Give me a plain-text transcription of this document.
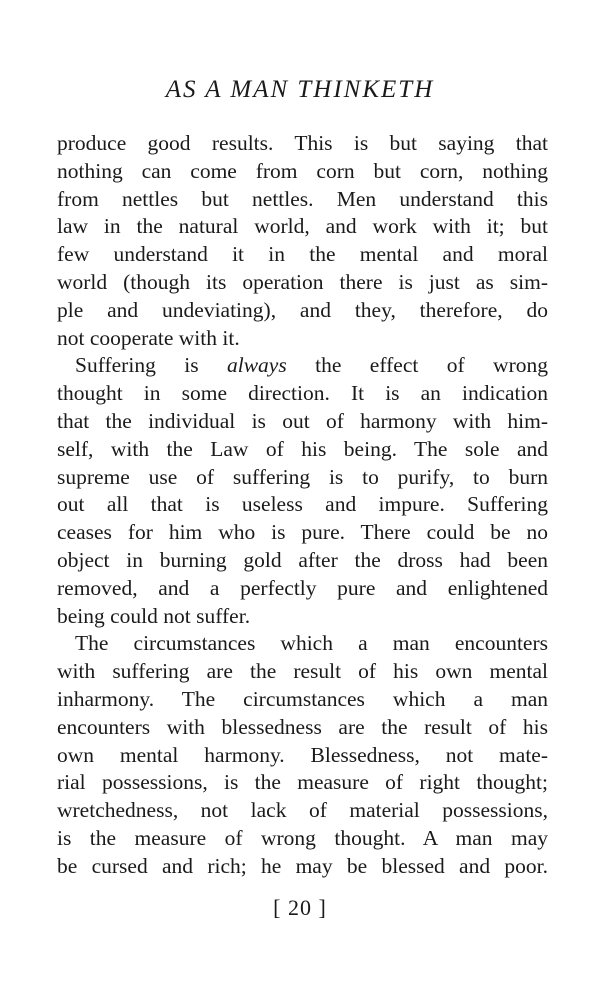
AS A MAN THINKETH
produce good results. This is but saying that
nothing can come from corn but corn, nothing
from nettles but nettles. Men understand this
law in the natural world, and work with it; but
few understand it in the mental and moral
world (though its operation there is just as sim-
ple and undeviating), and they, therefore, do
not cooperate with it.
Suffering is always the effect of wrong
thought in some direction. It is an indication
that the individual is out of harmony with him-
self, with the Law of his being. The sole and
supreme use of suffering is to purify, to burn
out all that is useless and impure. Suffering
ceases for him who is pure. There could be no
object in burning gold after the dross had been
removed, and a perfectly pure and enlightened
being could not suffer.
The circumstances which a man encounters
with suffering are the result of his own mental
inharmony. The circumstances which a man
encounters with blessedness are the result of his
own mental harmony. Blessedness, not mate-
rial possessions, is the measure of right thought;
wretchedness, not lack of material possessions,
is the measure of wrong thought. A man may
be cursed and rich; he may be blessed and poor.
[ 20 ]
